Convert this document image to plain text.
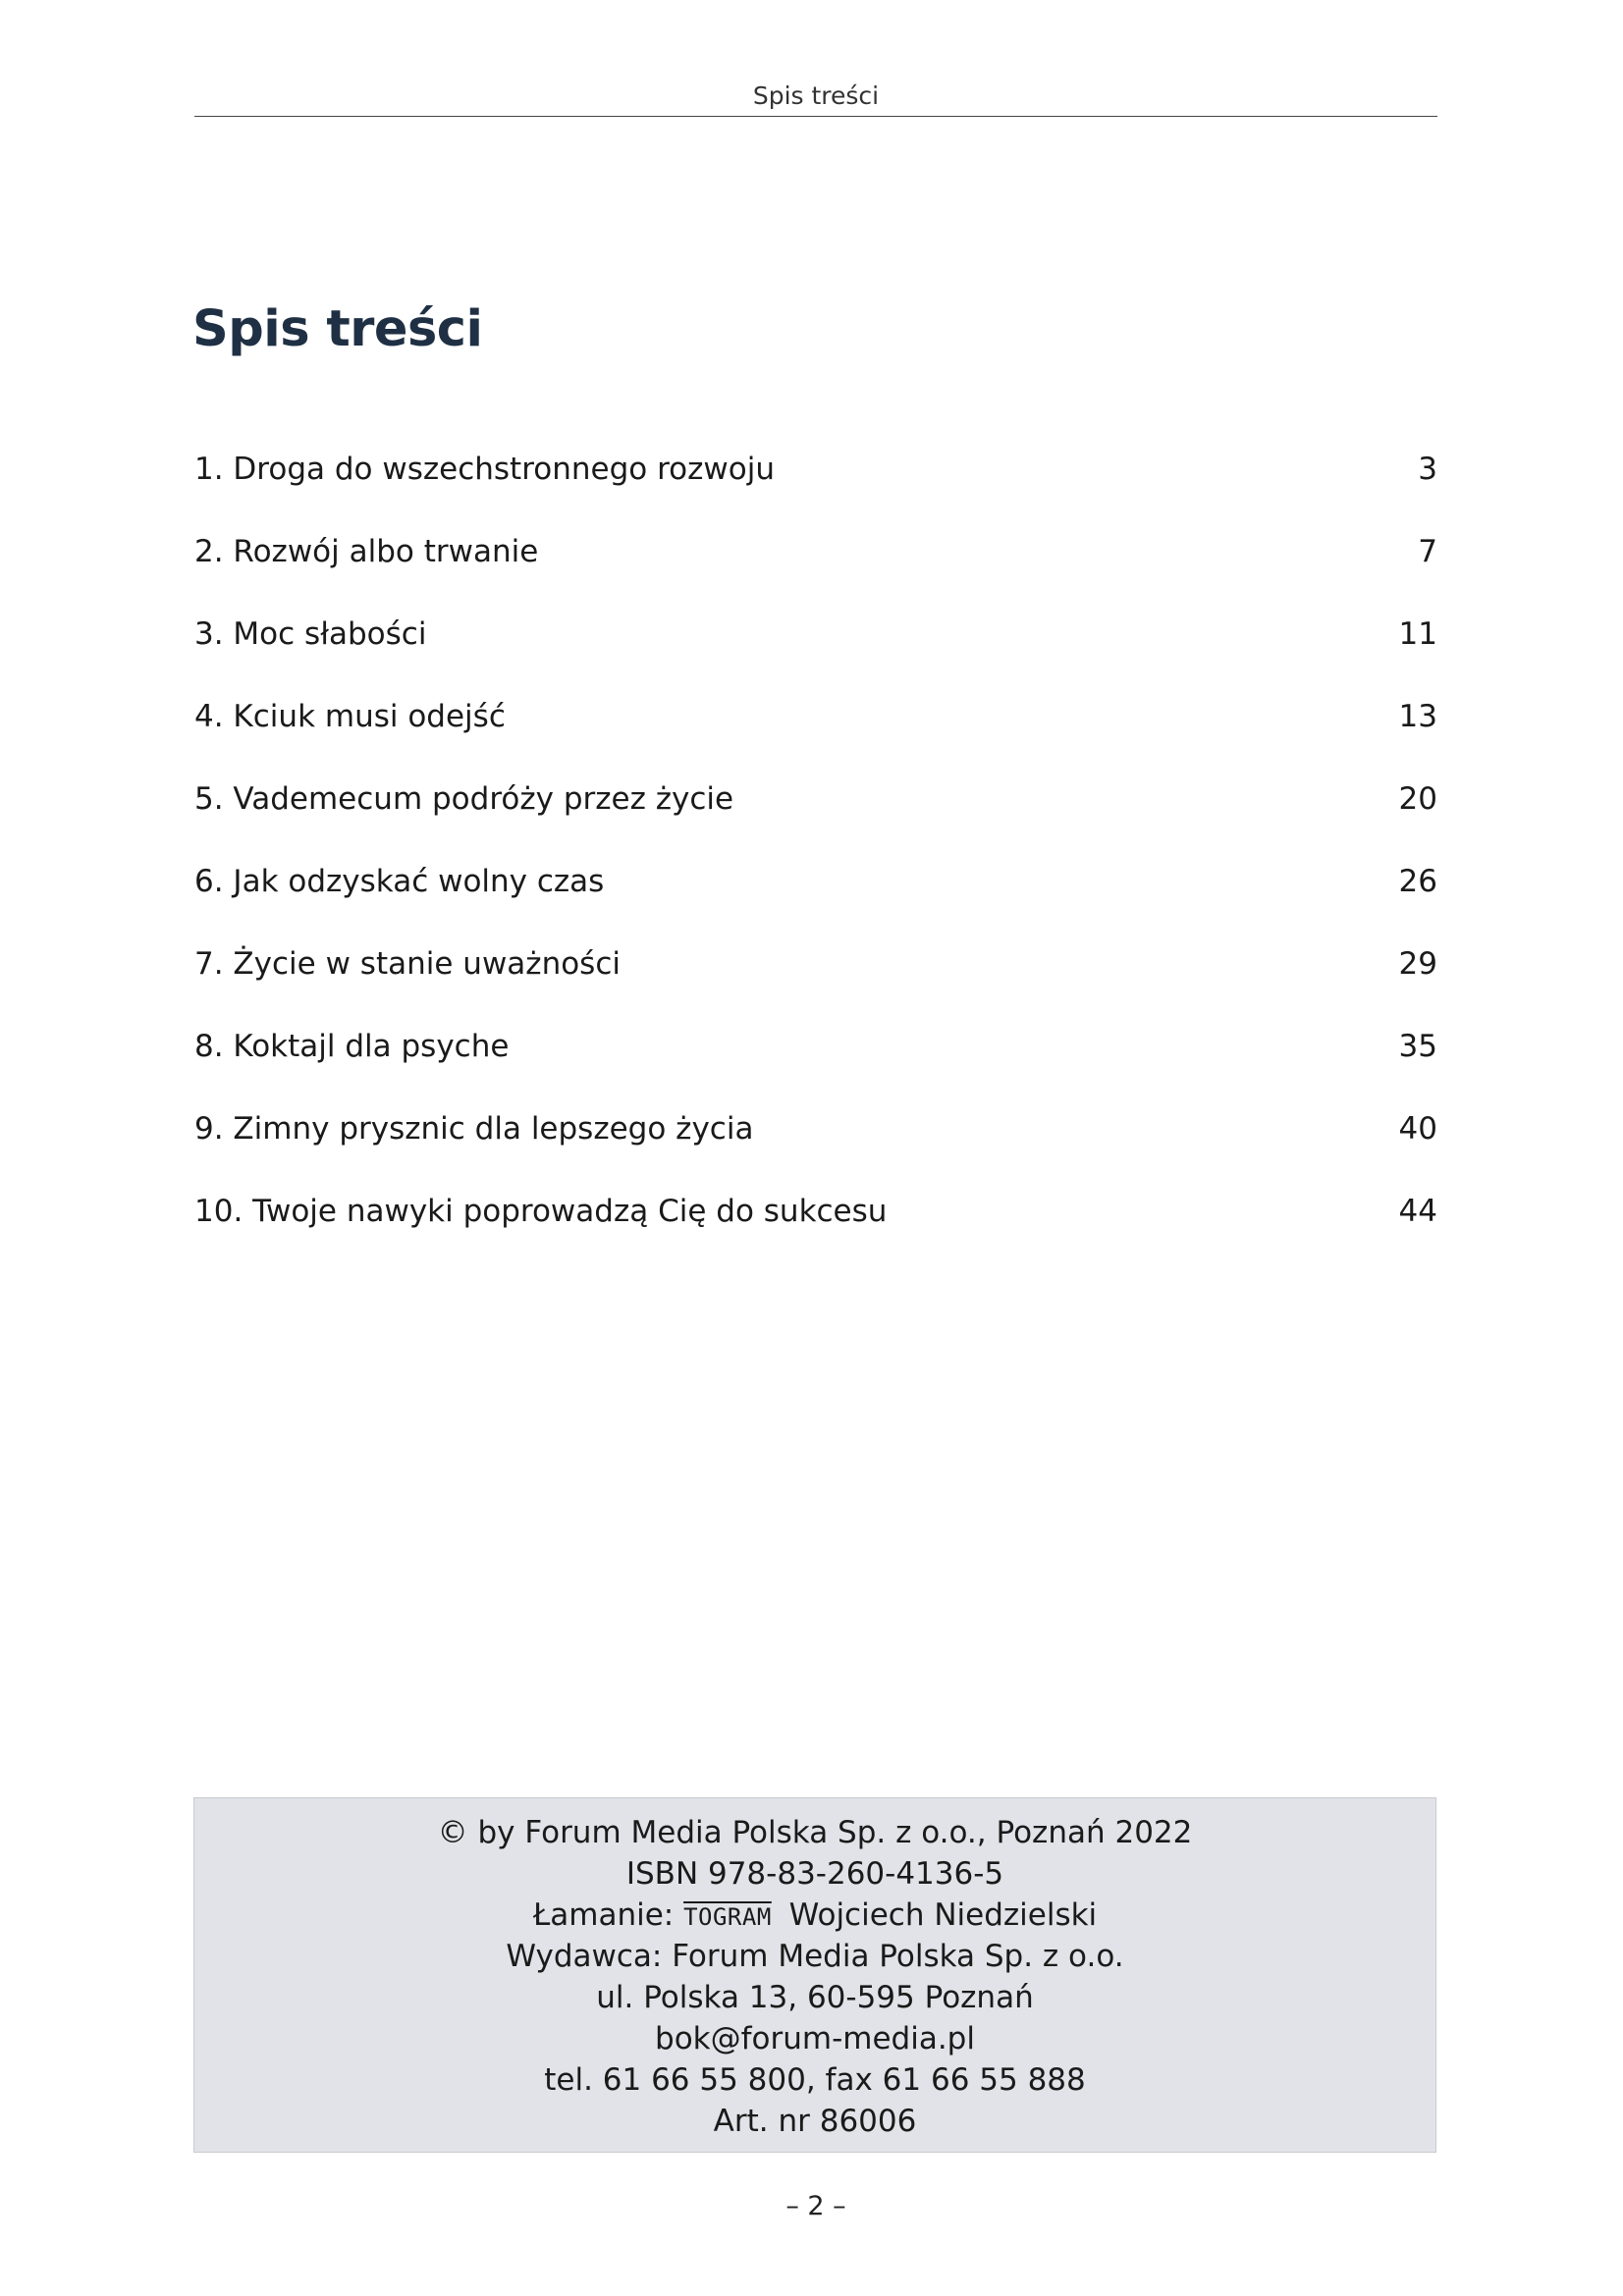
Spis treści
Spis treści
1. Droga do wszechstronnego rozwoju	3
2. Rozwój albo trwanie	7
3. Moc słabości	11
4. Kciuk musi odejść	13
5. Vademecum podróży przez życie	20
6. Jak odzyskać wolny czas	26
7. Życie w stanie uważności	29
8. Koktajl dla psyche	35
9. Zimny prysznic dla lepszego życia	40
10. Twoje nawyki poprowadzą Cię do sukcesu	44
© by Forum Media Polska Sp. z o.o., Poznań 2022
ISBN 978-83-260-4136-5
Łamanie: TOGRAM Wojciech Niedzielski
Wydawca: Forum Media Polska Sp. z o.o.
ul. Polska 13, 60-595 Poznań
bok@forum-media.pl
tel. 61 66 55 800, fax 61 66 55 888
Art. nr 86006
– 2 –
